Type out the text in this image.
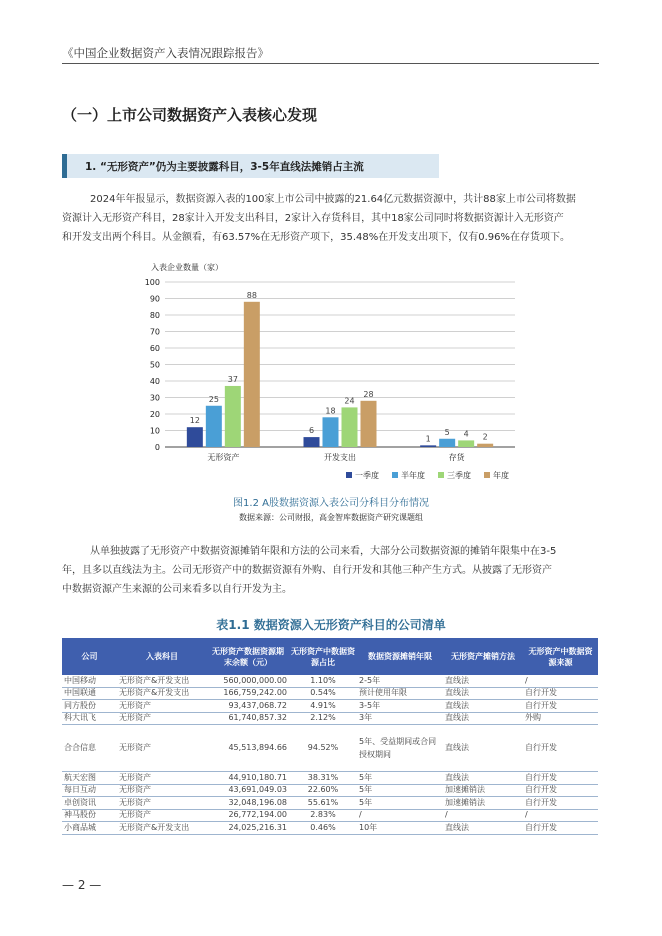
《中国企业数据资产入表情况跟踪报告》
（一）上市公司数据资产入表核心发现
1. “无形资产”仍为主要披露科目，3-5年直线法摊销占主流
2024年年报显示，数据资源入表的100家上市公司中披露的21.64亿元数据资源中，共计88家上市公司将数据
资源计入无形资产科目，28家计入开发支出科目，2家计入存货科目，其中18家公司同时将数据资源计入无形资产
和开发支出两个科目。从金额看，有63.57%在无形资产项下，35.48%在开发支出项下，仅有0.96%在存货项下。
入表企业数量（家）
0
10
20
30
40
50
60
70
80
90
100
12
25
37
88
无形资产
6
18
24
28
开发支出
1
5 4 2
存货
一季度	半年度	三季度	年度
图1.2 A股数据资源入表公司分科目分布情况
数据来源：公司财报，高金智库数据资产研究课题组
从单独披露了无形资产中数据资源摊销年限和方法的公司来看，大部分公司数据资源的摊销年限集中在3-5
年，且多以直线法为主。公司无形资产中的数据资源有外购、自行开发和其他三种产生方式。从披露了无形资产
中数据资源产生来源的公司来看多以自行开发为主。
表1.1 数据资源入无形资产科目的公司清单
公司	入表科目	无形资产数据资源期末余额（元）	无形资产中数据资源占比	数据资源摊销年限	无形资产摊销方法	无形资产中数据资源来源
中国移动	无形资产&开发支出	560,000,000.00	1.10%	2-5年	直线法	/
中国联通	无形资产&开发支出	166,759,242.00	0.54%	预计使用年限	直线法	自行开发
同方股份	无形资产	93,437,068.72	4.91%	3-5年	直线法	自行开发
科大讯飞	无形资产	61,740,857.32	2.12%	3年	直线法	外购
合合信息	无形资产	45,513,894.66	94.52%	5年、受益期间或合同授权期间	直线法	自行开发
航天宏图	无形资产	44,910,180.71	38.31%	5年	直线法	自行开发
每日互动	无形资产	43,691,049.03	22.60%	5年	加速摊销法	自行开发
卓创资讯	无形资产	32,048,196.08	55.61%	5年	加速摊销法	自行开发
神马股份	无形资产	26,772,194.00	2.83%	/	/	/
小商品城	无形资产&开发支出	24,025,216.31	0.46%	10年	直线法	自行开发
— 2 —
